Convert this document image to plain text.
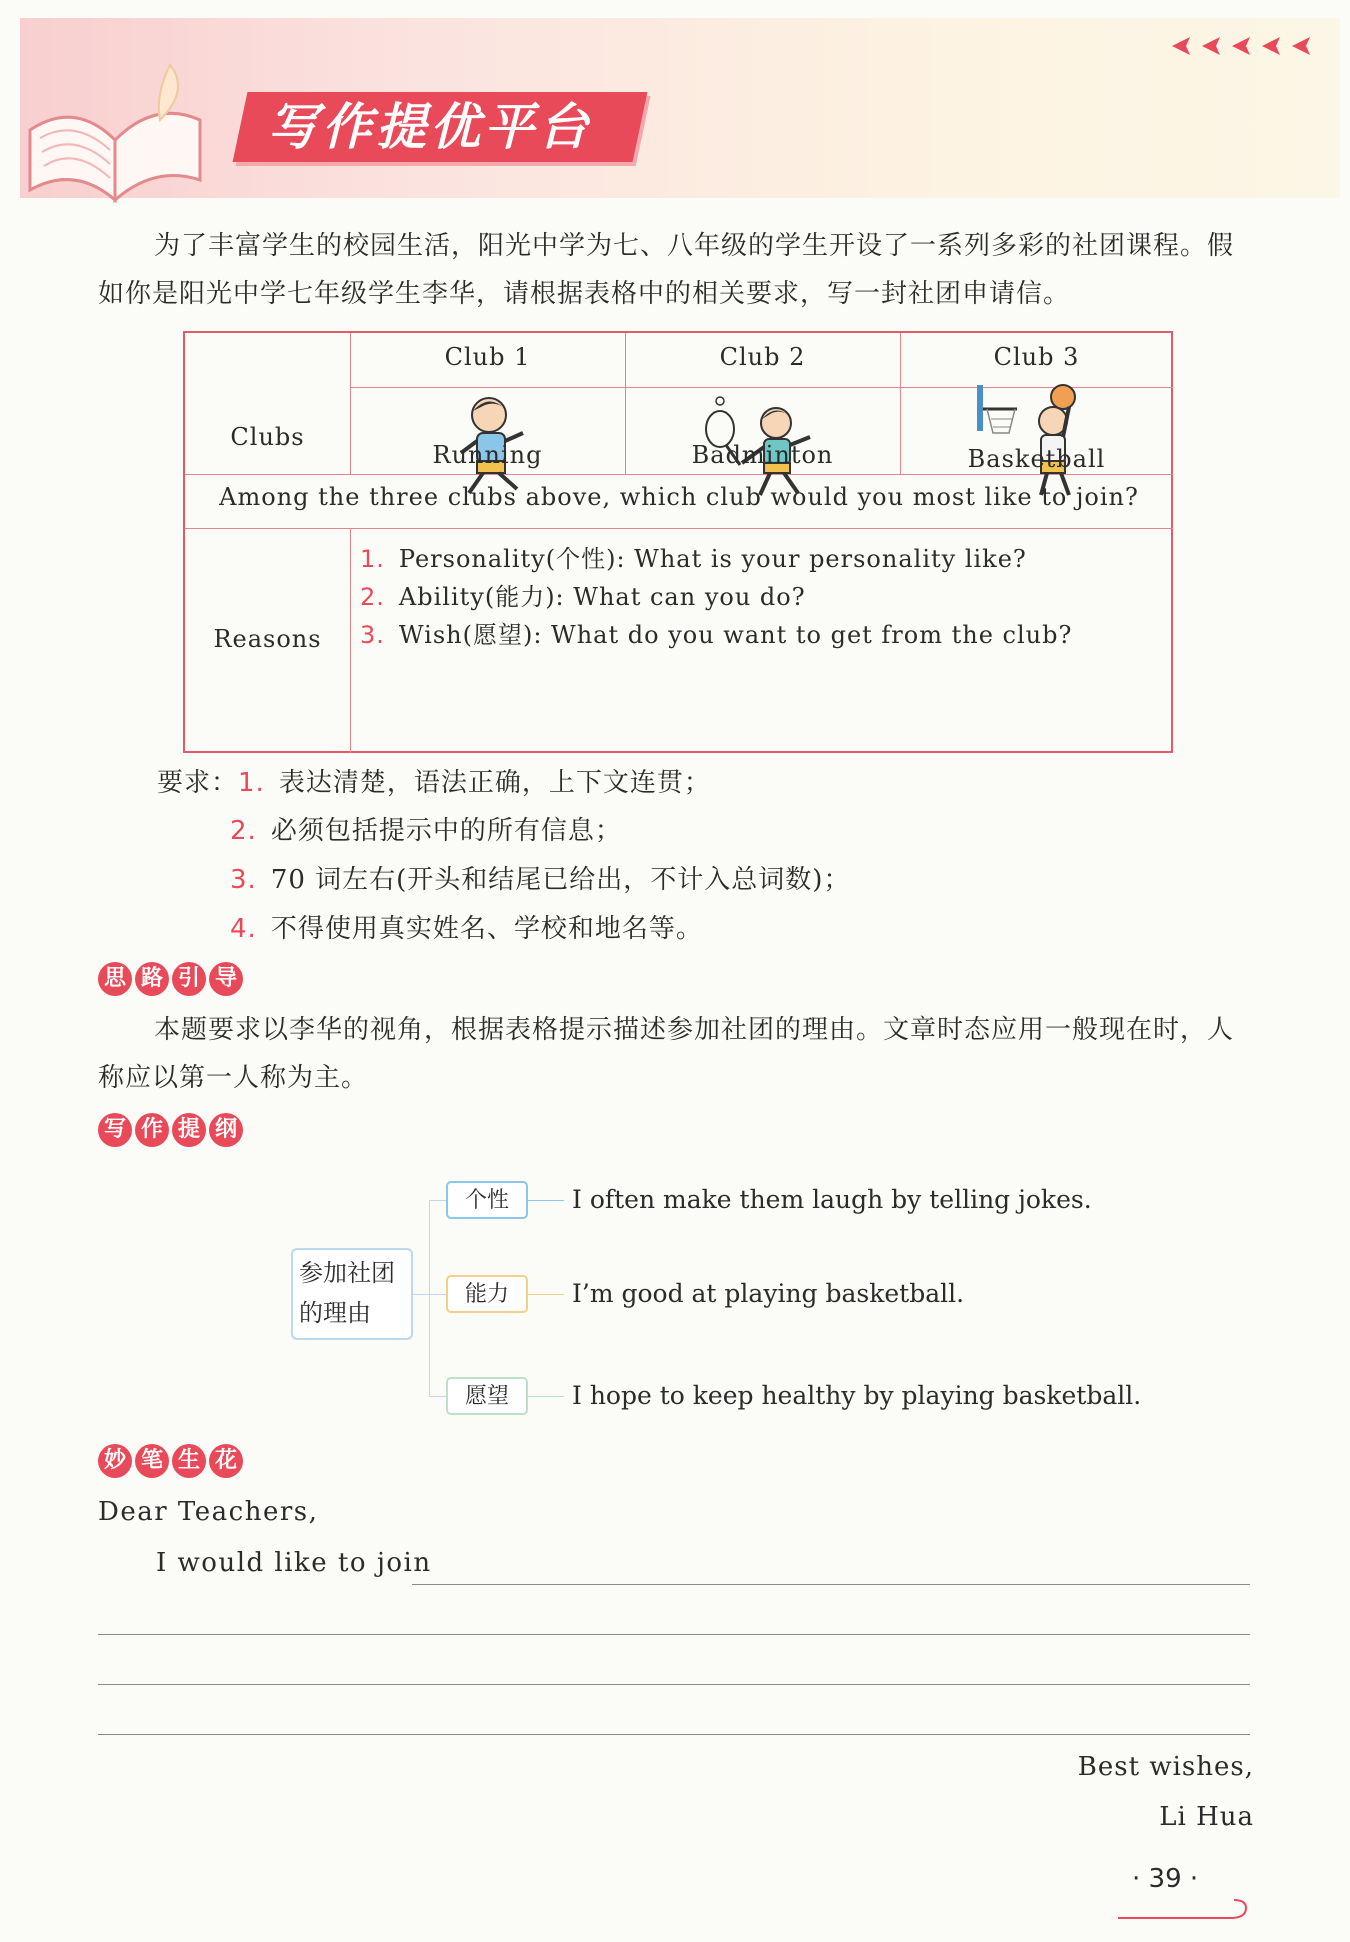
写作提优平台
为了丰富学生的校园生活，阳光中学为七、八年级的学生开设了一系列多彩的社团课程。假如你是阳光中学七年级学生李华，请根据表格中的相关要求，写一封社团申请信。
Clubs
Club 1	Club 2	Club 3
Running	Badminton	Basketball
Among the three clubs above, which club would you most like to join?
Reasons
1. Personality(个性): What is your personality like?
2. Ability(能力): What can you do?
3. Wish(愿望): What do you want to get from the club?
要求：1. 表达清楚，语法正确，上下文连贯；
2. 必须包括提示中的所有信息；
3. 70 词左右(开头和结尾已给出，不计入总词数)；
4. 不得使用真实姓名、学校和地名等。
思 路 引 导
本题要求以李华的视角，根据表格提示描述参加社团的理由。文章时态应用一般现在时，人称应以第一人称为主。
写 作 提 纲
参加社团
的理由
个性
能力
愿望
I often make them laugh by telling jokes.
I’m good at playing basketball.
I hope to keep healthy by playing basketball.
妙 笔 生 花
Dear Teachers,
I would like to join
Best wishes,
Li Hua
· 39 ·
